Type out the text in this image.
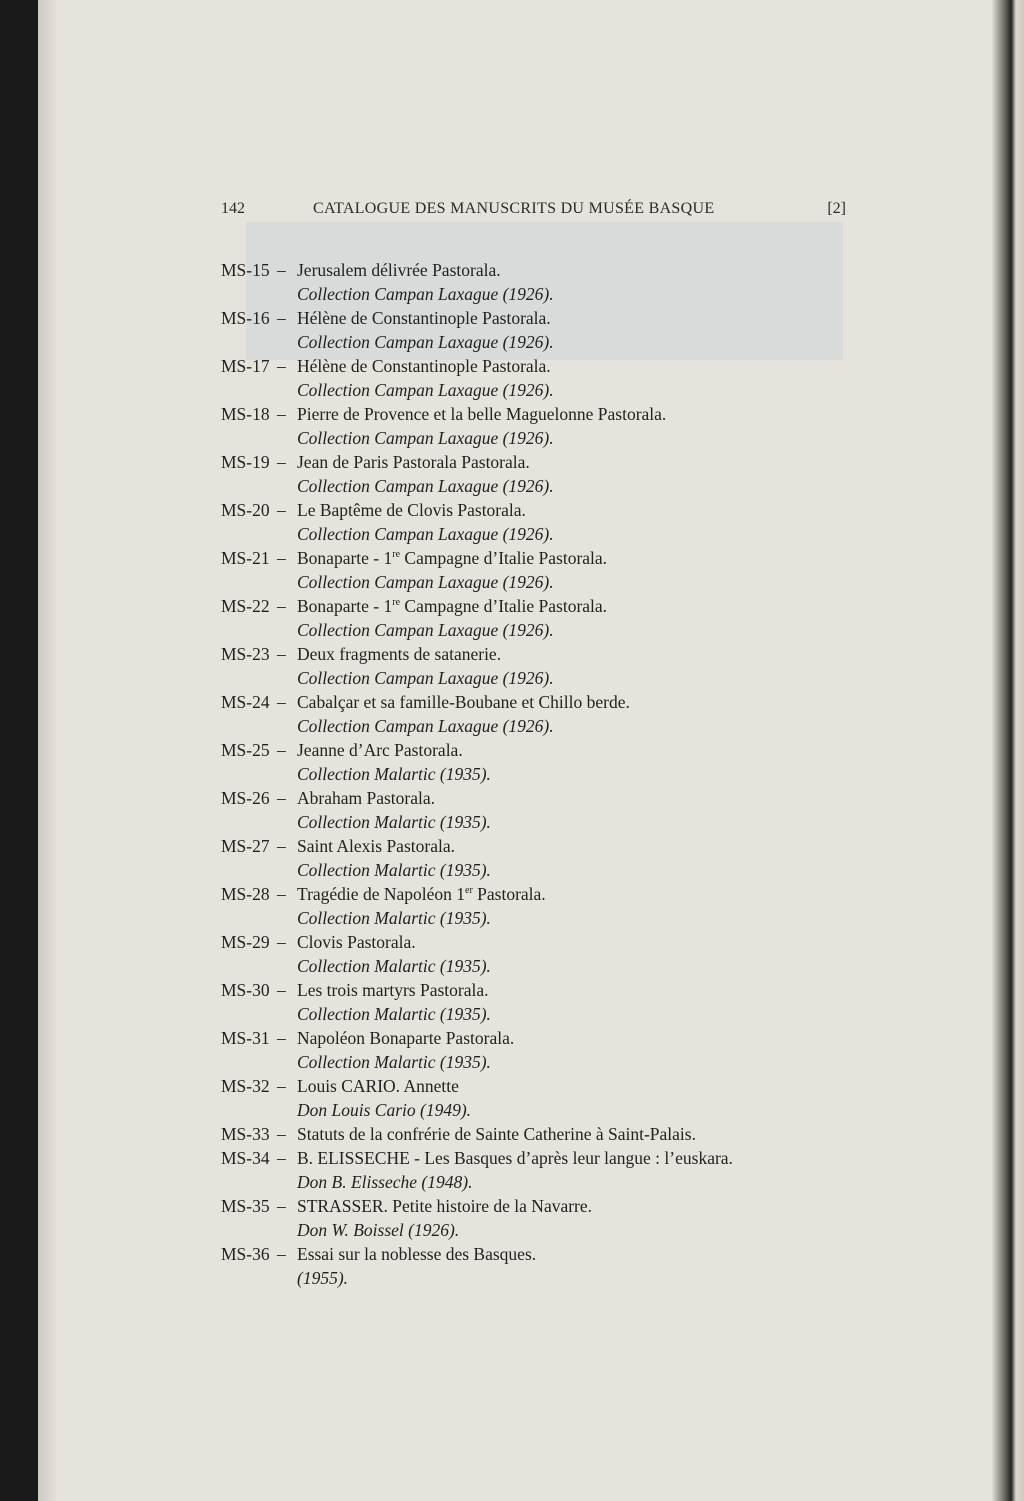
142	CATALOGUE DES MANUSCRITS DU MUSÉE BASQUE	[2]
MS-15 – Jerusalem délivrée Pastorala.
Collection Campan Laxague (1926).
MS-16 – Hélène de Constantinople Pastorala.
Collection Campan Laxague (1926).
MS-17 – Hélène de Constantinople Pastorala.
Collection Campan Laxague (1926).
MS-18 – Pierre de Provence et la belle Maguelonne Pastorala.
Collection Campan Laxague (1926).
MS-19 – Jean de Paris Pastorala Pastorala.
Collection Campan Laxague (1926).
MS-20 – Le Baptême de Clovis Pastorala.
Collection Campan Laxague (1926).
MS-21 – Bonaparte - 1re Campagne d’Italie Pastorala.
Collection Campan Laxague (1926).
MS-22 – Bonaparte - 1re Campagne d’Italie Pastorala.
Collection Campan Laxague (1926).
MS-23 – Deux fragments de satanerie.
Collection Campan Laxague (1926).
MS-24 – Cabalçar et sa famille-Boubane et Chillo berde.
Collection Campan Laxague (1926).
MS-25 – Jeanne d’Arc Pastorala.
Collection Malartic (1935).
MS-26 – Abraham Pastorala.
Collection Malartic (1935).
MS-27 – Saint Alexis Pastorala.
Collection Malartic (1935).
MS-28 – Tragédie de Napoléon 1er Pastorala.
Collection Malartic (1935).
MS-29 – Clovis Pastorala.
Collection Malartic (1935).
MS-30 – Les trois martyrs Pastorala.
Collection Malartic (1935).
MS-31 – Napoléon Bonaparte Pastorala.
Collection Malartic (1935).
MS-32 – Louis CARIO. Annette
Don Louis Cario (1949).
MS-33 – Statuts de la confrérie de Sainte Catherine à Saint-Palais.
MS-34 – B. ELISSECHE - Les Basques d’après leur langue : l’euskara.
Don B. Elisseche (1948).
MS-35 – STRASSER. Petite histoire de la Navarre.
Don W. Boissel (1926).
MS-36 – Essai sur la noblesse des Basques.
(1955).
